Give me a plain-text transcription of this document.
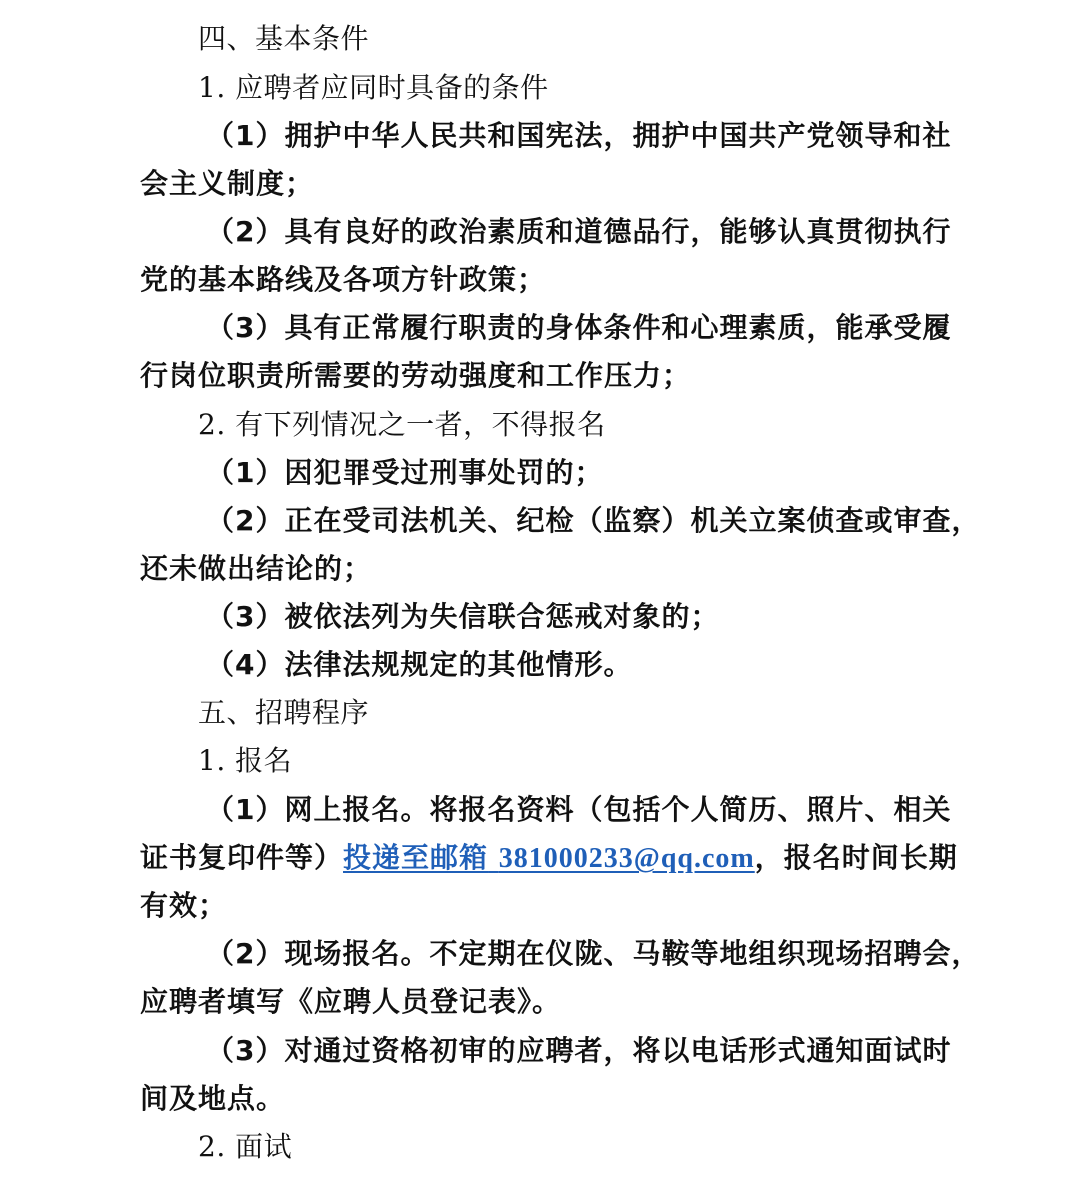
四、基本条件
1. 应聘者应同时具备的条件
（1）拥护中华人民共和国宪法，拥护中国共产党领导和社
会主义制度；
（2）具有良好的政治素质和道德品行，能够认真贯彻执行
党的基本路线及各项方针政策；
（3）具有正常履行职责的身体条件和心理素质，能承受履
行岗位职责所需要的劳动强度和工作压力；
2. 有下列情况之一者，不得报名
（1）因犯罪受过刑事处罚的；
（2）正在受司法机关、纪检（监察）机关立案侦查或审查，
还未做出结论的；
（3）被依法列为失信联合惩戒对象的；
（4）法律法规规定的其他情形。
五、招聘程序
1. 报名
（1）网上报名。将报名资料（包括个人简历、照片、相关
证书复印件等）投递至邮箱 381000233@qq.com，报名时间长期
有效；
（2）现场报名。不定期在仪陇、马鞍等地组织现场招聘会，
应聘者填写《应聘人员登记表》。
（3）对通过资格初审的应聘者，将以电话形式通知面试时
间及地点。
2. 面试
